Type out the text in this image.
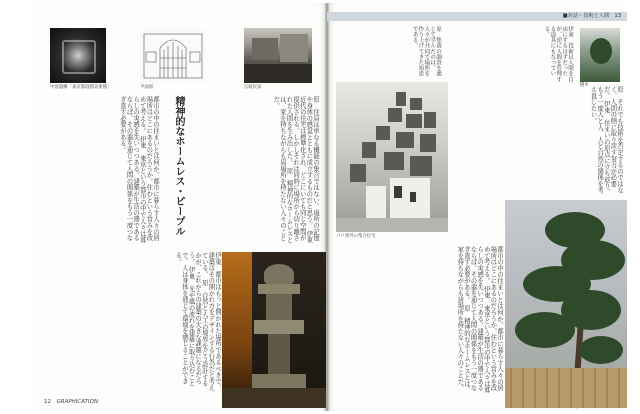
■対話・技術と人間　 13
中庭遺構「東京都庭園美術館」	平面図	伝統民家
都市の中の住まいとは何か。都市に暮らす人々の居場所はどこにあるのだろうか。住むという営みを改めて考える。 伊東　東京という都市の中で人々は暮らしの実感を失いつつある。建築が生活の器であるならば、その器を通じて人間の関係をもう一度つなぎ直す必要がある。	精神的なホームレス・ピープル	原　住居は単なる機能の集合ではない。場所の記憶や身体の感覚とともに成立するものだと思う。 伊東　近代の住宅は標準化され、どこにいても同じ空間が提供される。しかしそれは同時に場所から切り離された人間を生み出した。 原　精神的なホームレスとは、家を持ちながらも居場所を持たない人々のことだ。
伊東　都市はもっと開かれた場所であるべきで、建築はその開かれ方をデザインする行為だと考えている。 原　自然と人工の境界をどう設計するかが、これからの建築の大きな課題になるだろう。 伊東　光や風の流れを建築に取り込むことで、人は身体を通じて環境を感じることができる。
12　 GRAPHICATION
原　集落の調査を通じて学んだのは、人々が共同で場所を作り上げてきた知恵である。
パリ郊外の集合住宅
伊東　技術は人間を自由にするはずだったが、逆に人間を管理する道具にもなっている。
樹木
原　それでも技術を否定するのではなく、人間の側に取り戻す努力が必要だ。 伊東　住まいの原点に立ち返り、もう一度人と人、人と自然の関係を考え直したい。
都市の中の住まいとは何か。都市に暮らす人々の居場所はどこにあるのだろうか。住むという営みを改めて考える。 伊東　東京という都市の中で人々は暮らしの実感を失いつつある。建築が生活の器であるならば、その器を通じて人間の関係をもう一度つなぎ直す必要がある。 原　精神的なホームレスとは、家を持ちながらも居場所を持たない人々のことだ。
